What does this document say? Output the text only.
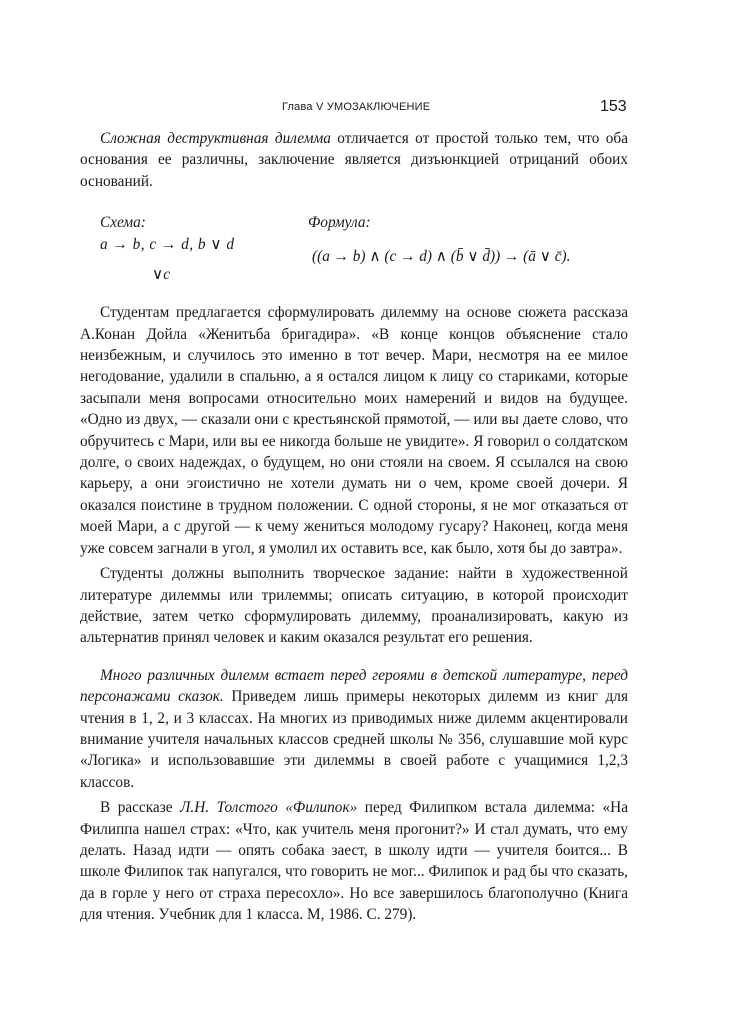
Глава V УМОЗАКЛЮЧЕНИЕ	153

Сложная деструктивная дилемма отличается от простой только тем, что оба основания ее различны, заключение является дизъюнкцией отрицаний обоих оснований.

Схема:	Формула:
a → b, c → d, b ∨ d
((a → b) ∧ (c → d) ∧ (b̄ ∨ d̄)) → (ā ∨ c̄).
∨c

Студентам предлагается сформулировать дилемму на основе сюжета рассказа А.Конан Дойла «Женитьба бригадира». «В конце концов объяснение стало неизбежным, и случилось это именно в тот вечер. Мари, несмотря на ее милое негодование, удалили в спальню, а я остался лицом к лицу со стариками, которые засыпали меня вопросами относительно моих намерений и видов на будущее. «Одно из двух, — сказали они с крестьянской прямотой, — или вы даете слово, что обручитесь с Мари, или вы ее никогда больше не увидите». Я говорил о солдатском долге, о своих надеждах, о будущем, но они стояли на своем. Я ссылался на свою карьеру, а они эгоистично не хотели думать ни о чем, кроме своей дочери. Я оказался поистине в трудном положении. С одной стороны, я не мог отказаться от моей Мари, а с другой — к чему жениться молодому гусару? Наконец, когда меня уже совсем загнали в угол, я умолил их оставить все, как было, хотя бы до завтра».

Студенты должны выполнить творческое задание: найти в художественной литературе дилеммы или трилеммы; описать ситуацию, в которой происходит действие, затем четко сформулировать дилемму, проанализировать, какую из альтернатив принял человек и каким оказался результат его решения.

Много различных дилемм встает перед героями в детской литературе, перед персонажами сказок. Приведем лишь примеры некоторых дилемм из книг для чтения в 1, 2, и 3 классах. На многих из приводимых ниже дилемм акцентировали внимание учителя начальных классов средней школы № 356, слушавшие мой курс «Логика» и использовавшие эти дилеммы в своей работе с учащимися 1,2,3 классов.

В рассказе Л.Н. Толстого «Филипок» перед Филипком встала дилемма: «На Филиппа нашел страх: «Что, как учитель меня прогонит?» И стал думать, что ему делать. Назад идти — опять собака заест, в школу идти — учителя боится... В школе Филипок так напугался, что говорить не мог... Филипок и рад бы что сказать, да в горле у него от страха пересохло». Но все завершилось благополучно (Книга для чтения. Учебник для 1 класса. М, 1986. С. 279).
